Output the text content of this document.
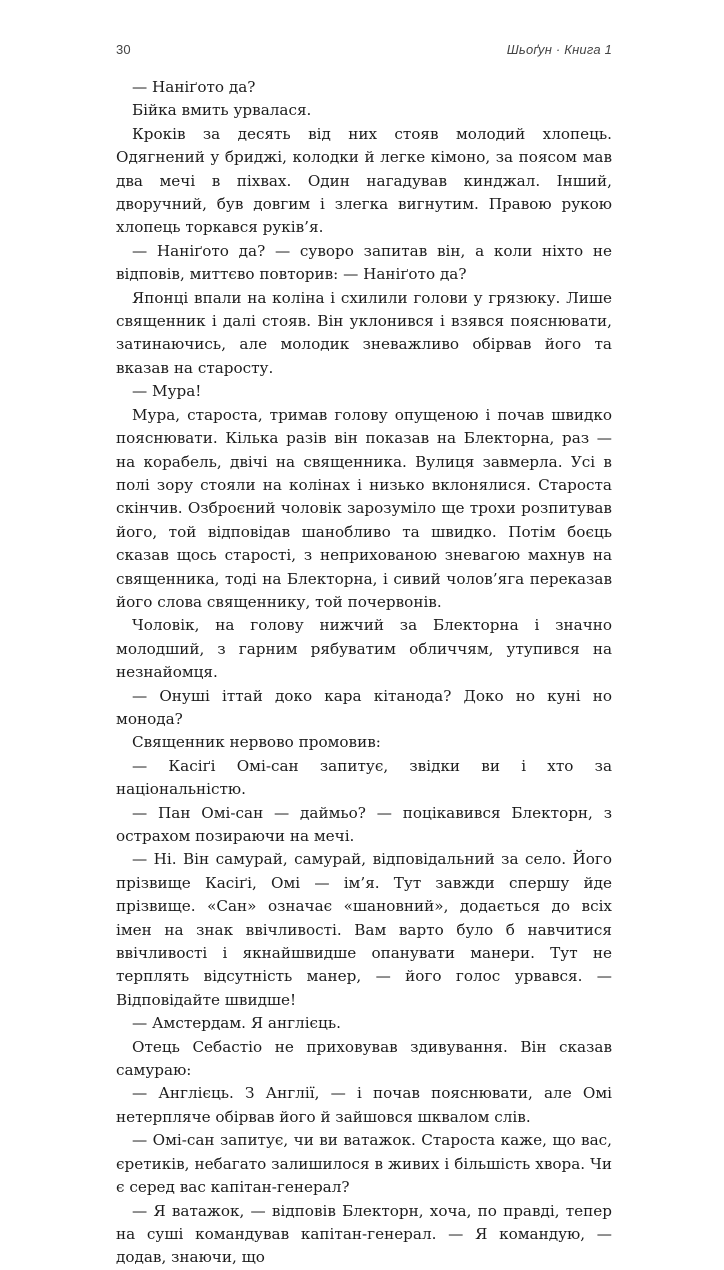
30	Шьоґун · Книга 1

— Наніґото да?

Бійка вмить урвалася.

Кроків за десять від них стояв молодий хлопець. Одягнений у бриджі, колодки й легке кімоно, за поясом мав два мечі в піхвах. Один нагадував кинджал. Інший, дворучний, був довгим і злегка вигнутим. Правою рукою хлопець торкався руків’я.

— Наніґото да? — суворо запитав він, а коли ніхто не відповів, миттєво повторив: — Наніґото да?

Японці впали на коліна і схилили голови у грязюку. Лише священник і далі стояв. Він уклонився і взявся пояснювати, затинаючись, але молодик зневажливо обірвав його та вказав на старосту.

— Мура!

Мура, староста, тримав голову опущеною і почав швидко пояснювати. Кілька разів він показав на Блекторна, раз — на корабель, двічі на священника. Вулиця завмерла. Усі в полі зору стояли на колінах і низько вклонялися. Староста скінчив. Озброєний чоловік зарозуміло ще трохи розпитував його, той відповідав шанобливо та швидко. Потім боєць сказав щось старості, з неприхованою зневагою махнув на священника, тоді на Блекторна, і сивий чолов’яга переказав його слова священнику, той почервонів.

Чоловік, на голову нижчий за Блекторна і значно молодший, з гарним рябуватим обличчям, утупився на незнайомця.

— Онуші іттай доко кара кітанода? Доко но куні но монода?

Священник нервово промовив:

— Касіґі Омі-сан запитує, звідки ви і хто за національністю.

— Пан Омі-сан — даймьо? — поцікавився Блекторн, з острахом позираючи на мечі.

— Ні. Він самурай, самурай, відповідальний за село. Його прізвище Касіґі, Омі — ім’я. Тут завжди спершу йде прізвище. «Сан» означає «шановний», додається до всіх імен на знак ввічливості. Вам варто було б навчитися ввічливості і якнайшвидше опанувати манери. Тут не терплять відсутність манер, — його голос урвався. — Відповідайте швидше!

— Амстердам. Я англієць.

Отець Себастіо не приховував здивування. Він сказав самураю:

— Англієць. З Англії, — і почав пояснювати, але Омі нетерпляче обірвав його й зайшовся шквалом слів.

— Омі-сан запитує, чи ви ватажок. Староста каже, що вас, єретиків, небагато залишилося в живих і більшість хвора. Чи є серед вас капітан-генерал?

— Я ватажок, — відповів Блекторн, хоча, по правді, тепер на суші командував капітан-генерал. — Я командую, — додав, знаючи, що
